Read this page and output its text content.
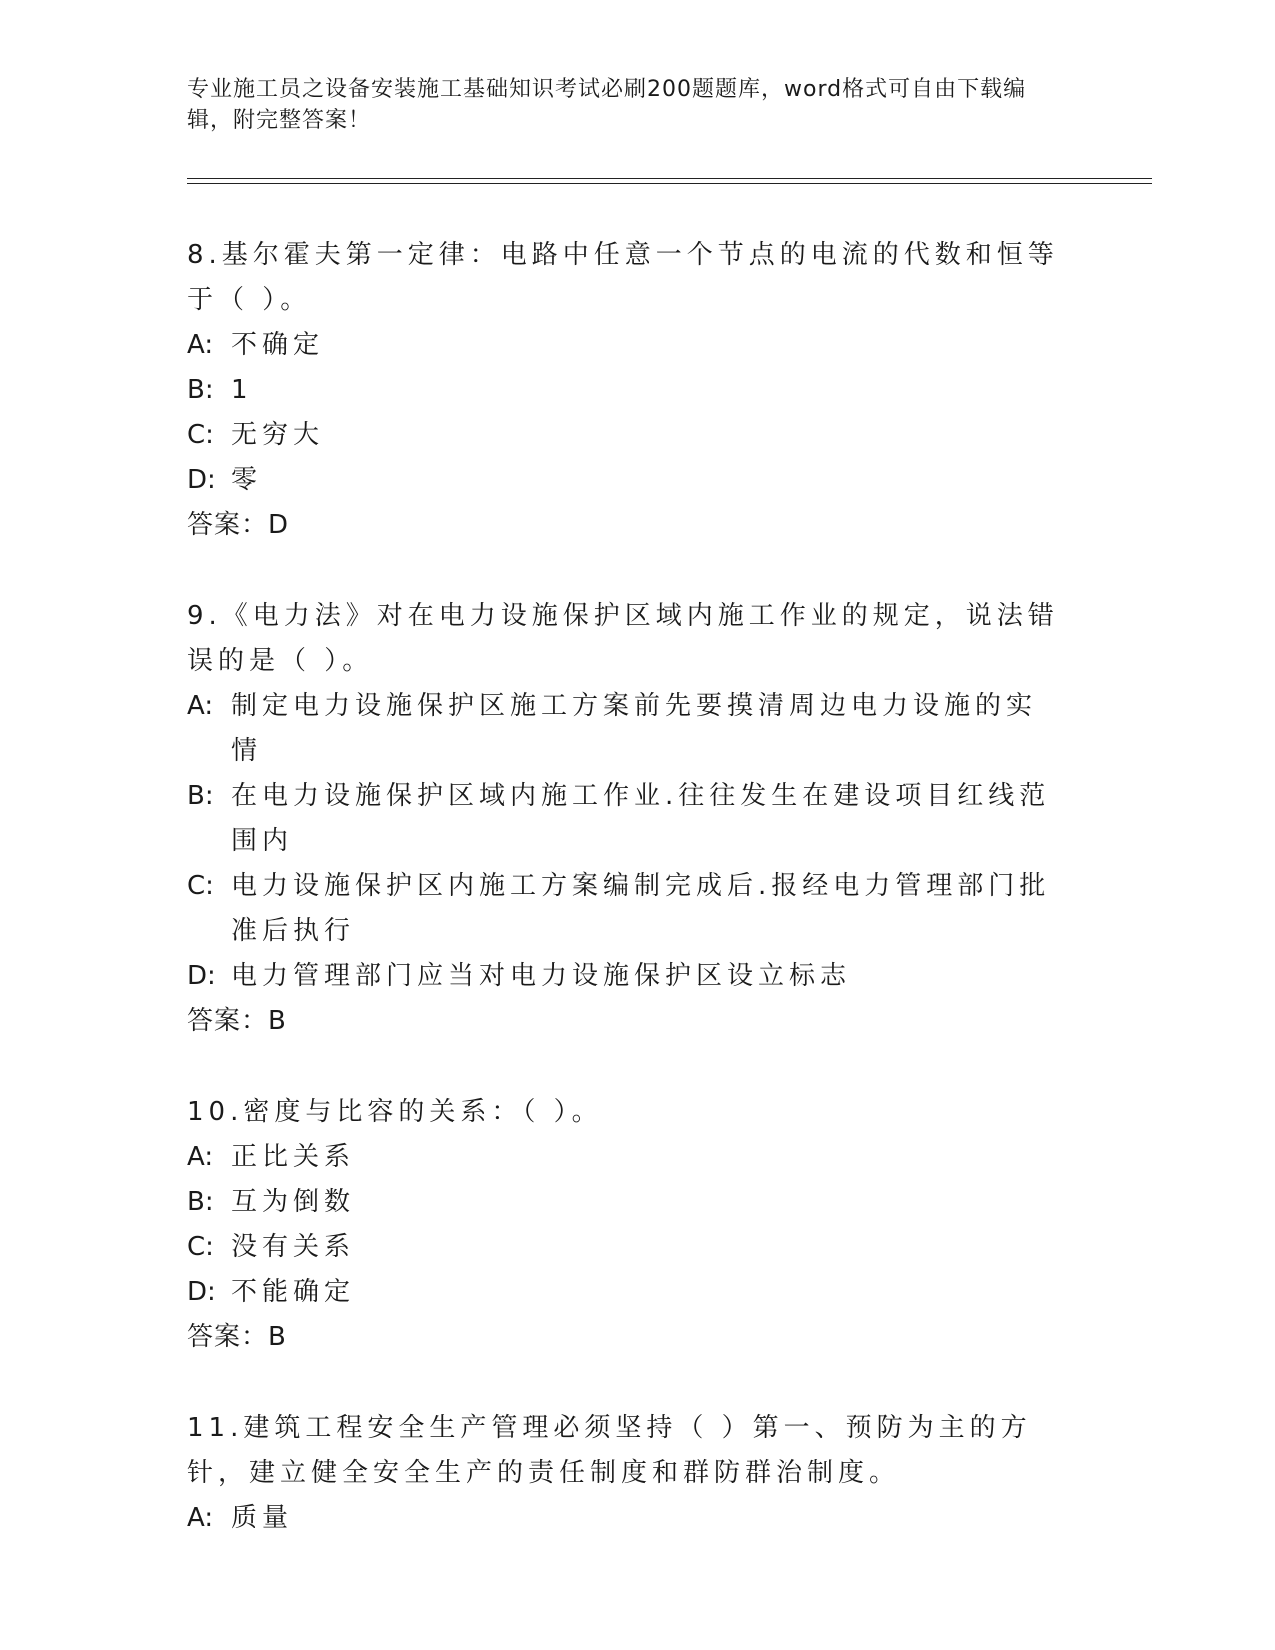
专业施工员之设备安装施工基础知识考试必刷200题题库，word格式可自由下载编辑，附完整答案！

8.基尔霍夫第一定律：电路中任意一个节点的电流的代数和恒等于（ ）。

A: 不确定
B: 1
C: 无穷大
D: 零

答案：D

9.《电力法》对在电力设施保护区域内施工作业的规定，说法错误的是（ ）。

A: 制定电力设施保护区施工方案前先要摸清周边电力设施的实情
B: 在电力设施保护区域内施工作业.往往发生在建设项目红线范围内
C: 电力设施保护区内施工方案编制完成后.报经电力管理部门批准后执行
D: 电力管理部门应当对电力设施保护区设立标志

答案：B

10.密度与比容的关系：（ ）。

A: 正比关系
B: 互为倒数
C: 没有关系
D: 不能确定

答案：B

11.建筑工程安全生产管理必须坚持（ ）第一、预防为主的方针，建立健全安全生产的责任制度和群防群治制度。

A: 质量
